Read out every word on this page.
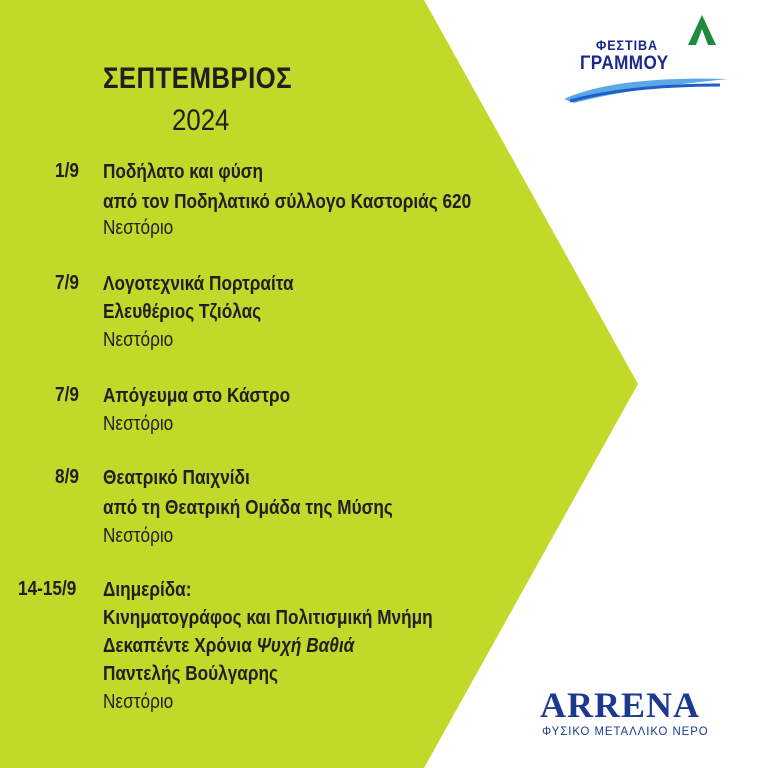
ΣΕΠΤΕΜΒΡΙΟΣ
2024
1/9 Ποδήλατο και φύση
από τον Ποδηλατικό σύλλογο Καστοριάς 620
Νεστόριο
7/9 Λογοτεχνικά Πορτραίτα
Ελευθέριος Τζιόλας
Νεστόριο
7/9 Απόγευμα στο Κάστρο
Νεστόριο
8/9 Θεατρικό Παιχνίδι
από τη Θεατρική Ομάδα της Μύσης
Νεστόριο
14-15/9 Διημερίδα:
Κινηματογράφος και Πολιτισμική Μνήμη
Δεκαπέντε Χρόνια Ψυχή Βαθιά
Παντελής Βούλγαρης
Νεστόριο
ΦΕΣΤΙΒΑ
ΓΡΑΜΜΟΥ
ARRENA
ΦΥΣΙΚΟ ΜΕΤΑΛΛΙΚΟ ΝΕΡΟ
